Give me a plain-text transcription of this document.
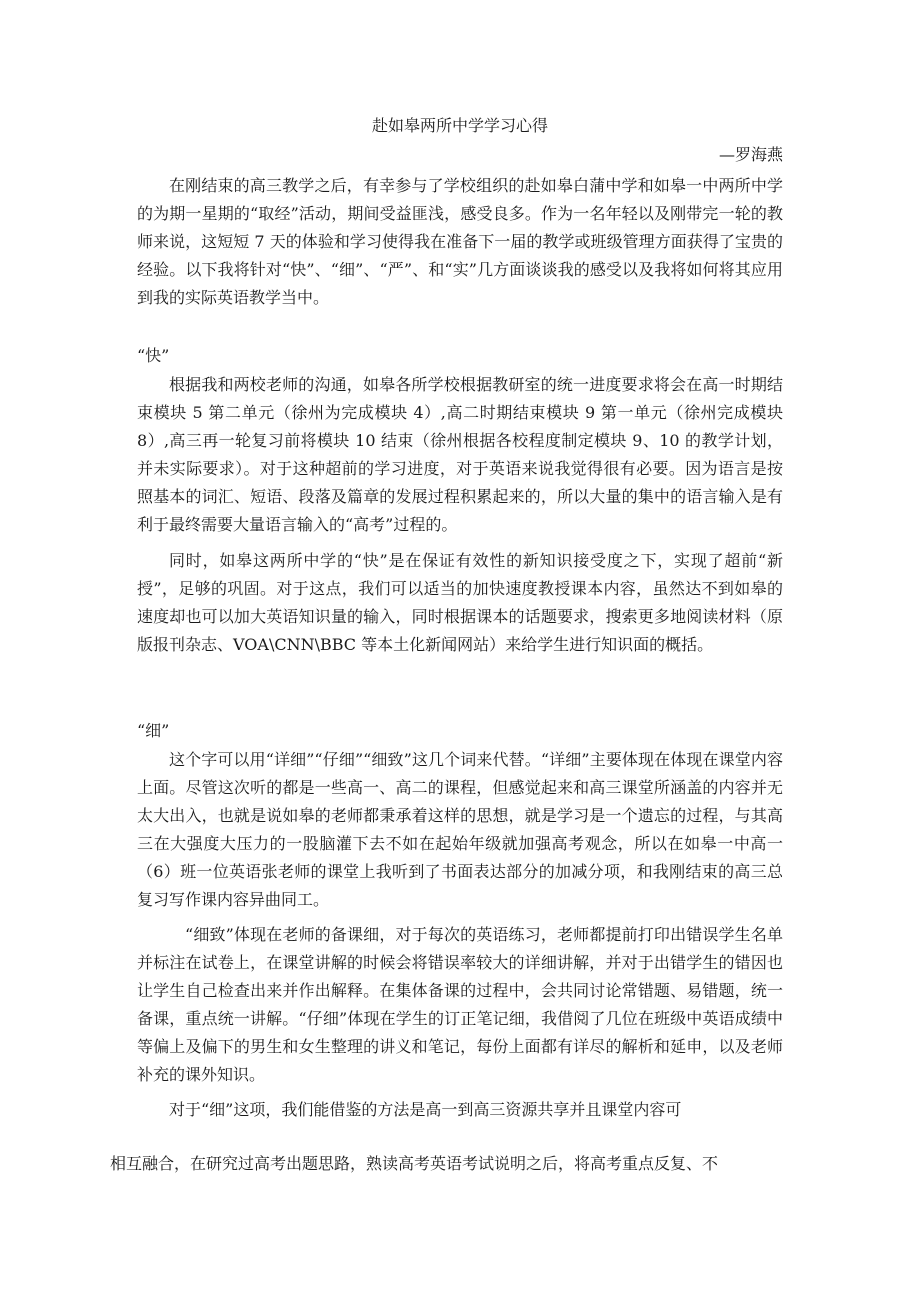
赴如皋两所中学学习心得
—罗海燕

在刚结束的高三教学之后，有幸参与了学校组织的赴如皋白蒲中学和如皋一中两所中学的为期一星期的“取经”活动，期间受益匪浅，感受良多。作为一名年轻以及刚带完一轮的教师来说，这短短 7 天的体验和学习使得我在准备下一届的教学或班级管理方面获得了宝贵的经验。以下我将针对“快”、“细”、“严”、和“实”几方面谈谈我的感受以及我将如何将其应用到我的实际英语教学当中。

“快”

根据我和两校老师的沟通，如皋各所学校根据教研室的统一进度要求将会在高一时期结束模块 5 第二单元（徐州为完成模块 4）,高二时期结束模块 9 第一单元（徐州完成模块 8）,高三再一轮复习前将模块 10 结束（徐州根据各校程度制定模块 9、10 的教学计划，并未实际要求）。对于这种超前的学习进度，对于英语来说我觉得很有必要。因为语言是按照基本的词汇、短语、段落及篇章的发展过程积累起来的，所以大量的集中的语言输入是有利于最终需要大量语言输入的“高考”过程的。

同时，如皋这两所中学的“快”是在保证有效性的新知识接受度之下，实现了超前“新授”，足够的巩固。对于这点，我们可以适当的加快速度教授课本内容，虽然达不到如皋的速度却也可以加大英语知识量的输入，同时根据课本的话题要求，搜索更多地阅读材料（原版报刊杂志、VOA\CNN\BBC 等本土化新闻网站）来给学生进行知识面的概括。

“细”

这个字可以用“详细”“仔细”“细致”这几个词来代替。“详细”主要体现在体现在课堂内容上面。尽管这次听的都是一些高一、高二的课程，但感觉起来和高三课堂所涵盖的内容并无太大出入，也就是说如皋的老师都秉承着这样的思想，就是学习是一个遗忘的过程，与其高三在大强度大压力的一股脑灌下去不如在起始年级就加强高考观念，所以在如皋一中高一（6）班一位英语张老师的课堂上我听到了书面表达部分的加减分项，和我刚结束的高三总复习写作课内容异曲同工。

“细致”体现在老师的备课细，对于每次的英语练习，老师都提前打印出错误学生名单并标注在试卷上，在课堂讲解的时候会将错误率较大的详细讲解，并对于出错学生的错因也让学生自己检查出来并作出解释。在集体备课的过程中，会共同讨论常错题、易错题，统一备课，重点统一讲解。“仔细”体现在学生的订正笔记细，我借阅了几位在班级中英语成绩中等偏上及偏下的男生和女生整理的讲义和笔记，每份上面都有详尽的解析和延申，以及老师补充的课外知识。

对于“细”这项，我们能借鉴的方法是高一到高三资源共享并且课堂内容可

相互融合，在研究过高考出题思路，熟读高考英语考试说明之后，将高考重点反复、不
